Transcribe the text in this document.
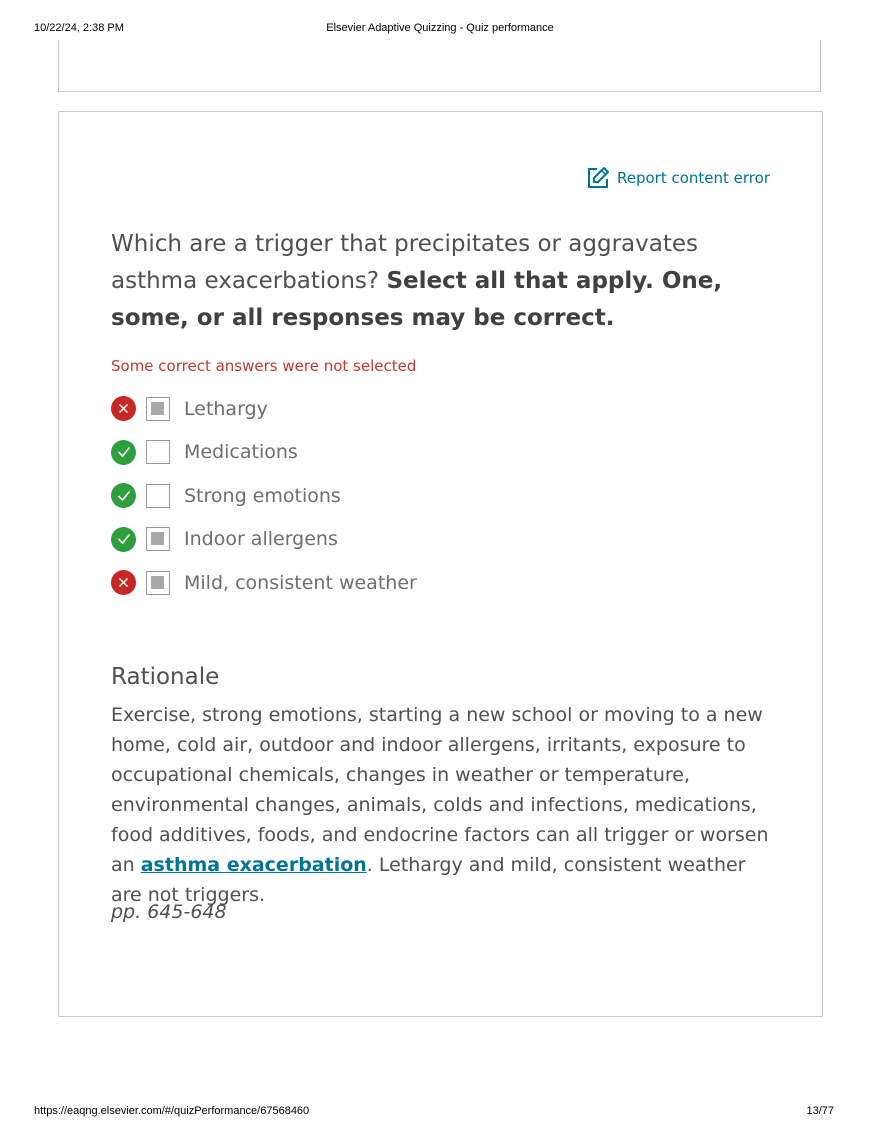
10/22/24, 2:38 PM	Elsevier Adaptive Quizzing - Quiz performance
Report content error
Which are a trigger that precipitates or aggravates asthma exacerbations? Select all that apply. One, some, or all responses may be correct.
Some correct answers were not selected
Lethargy
Medications
Strong emotions
Indoor allergens
Mild, consistent weather
Rationale
Exercise, strong emotions, starting a new school or moving to a new home, cold air, outdoor and indoor allergens, irritants, exposure to occupational chemicals, changes in weather or temperature, environmental changes, animals, colds and infections, medications, food additives, foods, and endocrine factors can all trigger or worsen an asthma exacerbation. Lethargy and mild, consistent weather are not triggers.
pp. 645-648
https://eaqng.elsevier.com/#/quizPerformance/67568460	13/77
